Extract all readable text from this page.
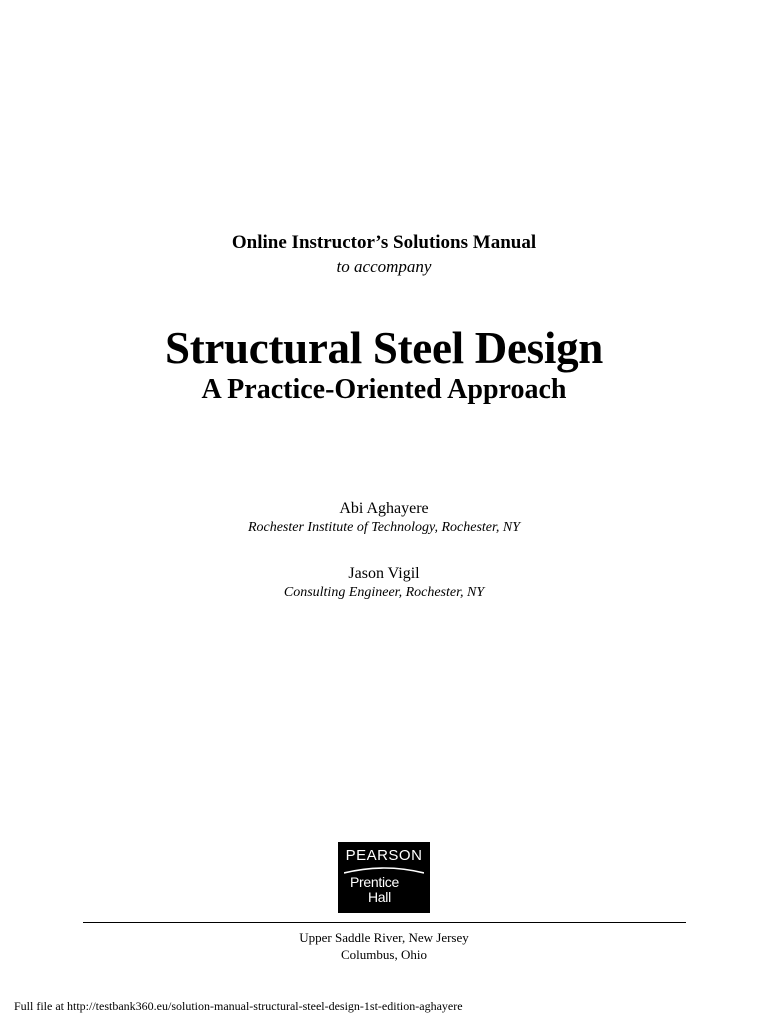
Online Instructor’s Solutions Manual
to accompany
Structural Steel Design
A Practice-Oriented Approach
Abi Aghayere
Rochester Institute of Technology, Rochester, NY
Jason Vigil
Consulting Engineer, Rochester, NY
PEARSON
Prentice
Hall
Upper Saddle River, New Jersey
Columbus, Ohio
Full file at http://testbank360.eu/solution-manual-structural-steel-design-1st-edition-aghayere
